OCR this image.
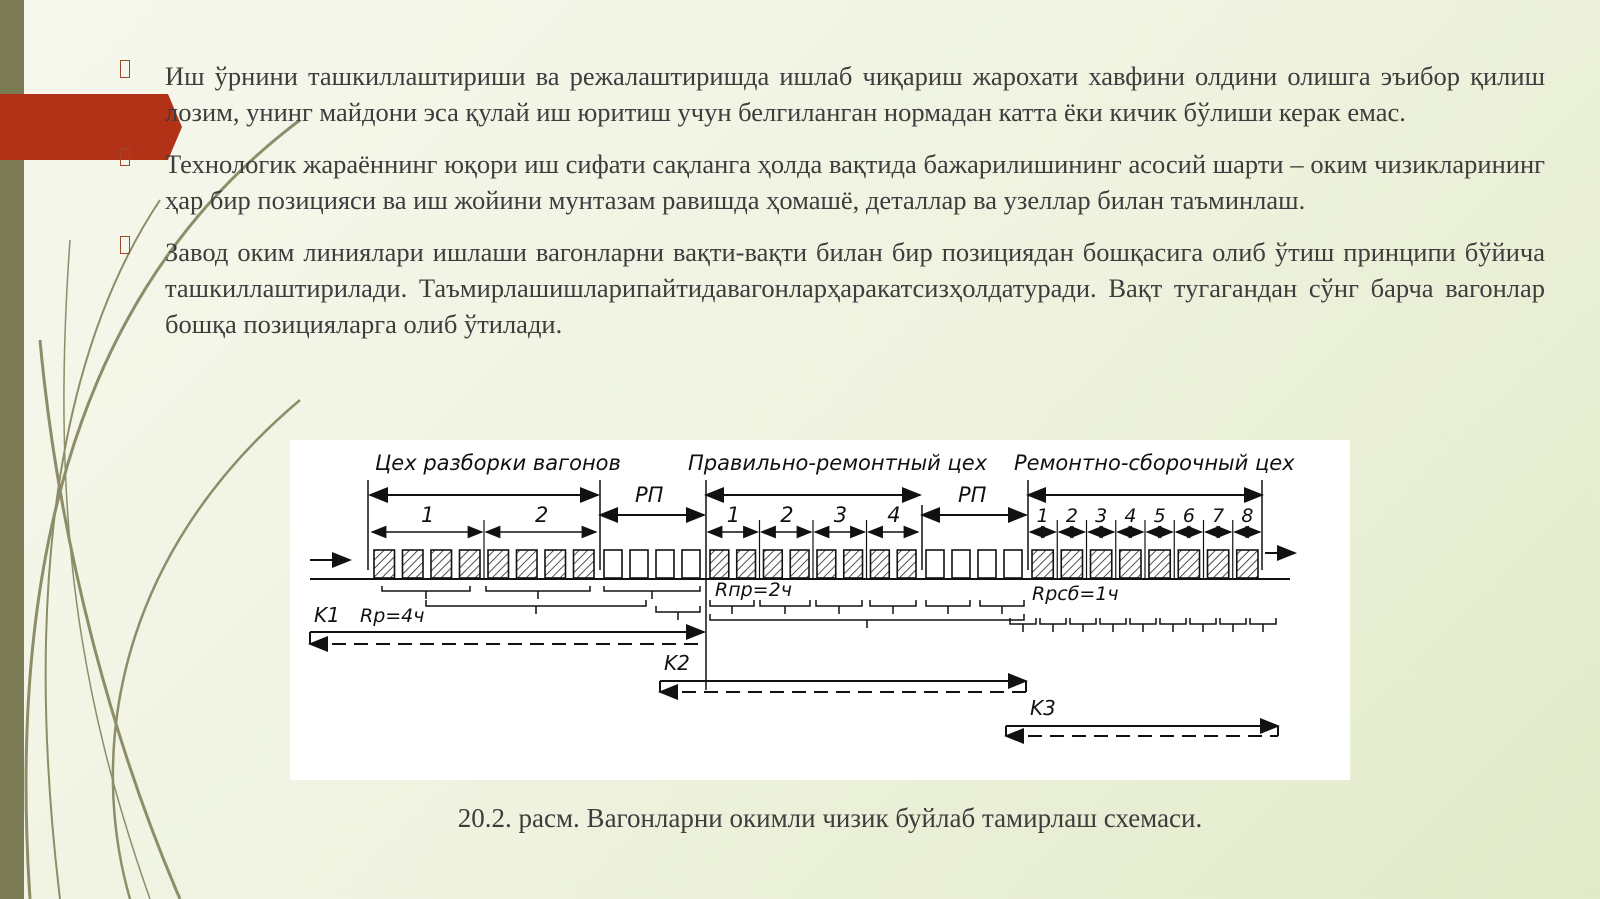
Иш ўрнини ташкиллаштириши ва режалаштиришда ишлаб чиқариш жарохати хавфини олдини олишга эъибор қилиш лозим, унинг майдони эса қулай иш юритиш учун белгиланган нормадан катта ёки кичик бўлиши керак емас.
Технологик жараённинг юқори иш сифати сақланга ҳолда вақтида бажарилишининг асосий шарти – оким чизикларининг ҳар бир позицияси ва иш жойини мунтазам равишда ҳомашё, деталлар ва узеллар билан таъминлаш.
Завод оким линиялари ишлаши вагонларни вақти-вақти билан бир позициядан бошқасига олиб ўтиш принципи бўйича ташкиллаштирилади. Таъмирлашишларипайтидавагонларҳаракатсизҳолдатуради. Вақт тугагандан сўнг барча вагонлар бошқа позицияларга олиб ўтилади.
Цех разборки вагонов	Правильно-ремонтный цех Ремонтно-сборочный цех
РП	РП
1	2	1 2 3 4	1 2 3 4 5 6 7 8
Rр=4ч
Rпр=2ч	Rрсб=1ч
K1
K2
K3
20.2. расм. Вагонларни окимли чизик буйлаб тамирлаш схемаси.
